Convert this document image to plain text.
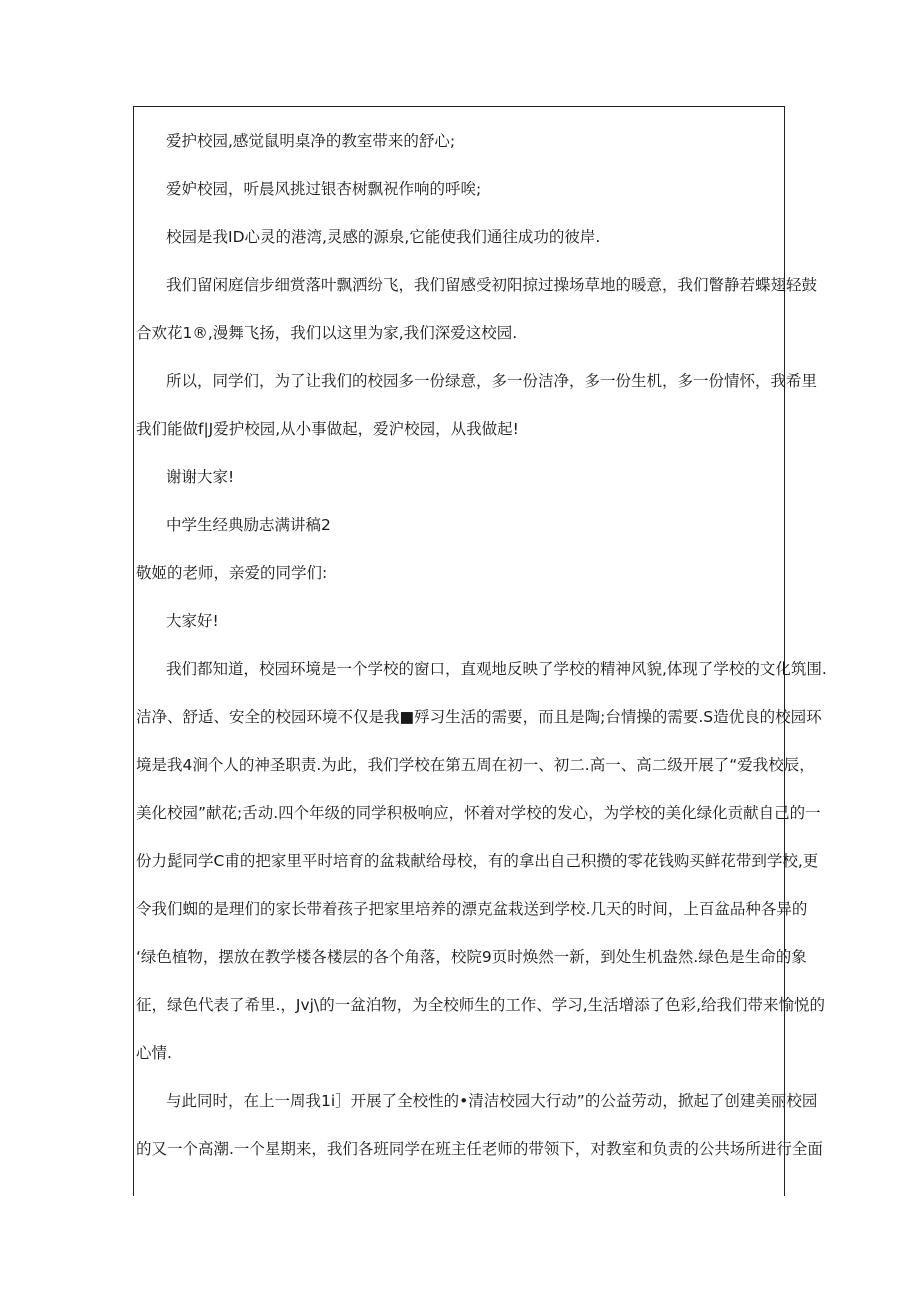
爱护校园,感觉鼠明桌净的教室带来的舒心;
爱妒校园，听晨风挑过银杏树飘祝作响的呼唉;
校园是我ID心灵的港湾,灵感的源泉,它能使我们通往成功的彼岸.
我们留闲庭信步细赏落叶飘洒纷飞，我们留感受初阳掠过操场草地的暖意，我们瞥静若蝶翅轻鼓
合欢花1®,漫舞飞扬，我们以这里为家,我们深爱这校园.
所以，同学们，为了让我们的校园多一份绿意，多一份洁净，多一份生机，多一份情怀，我希里
我们能做f|J爱护校园,从小事做起，爱沪校园，从我做起!
谢谢大家!
中学生经典励志满讲稿2
敬姬的老师，亲爱的同学们:
大家好!
我们都知道，校园环境是一个学校的窗口，直观地反映了学校的精神风貌,体现了学校的文化筑围.
洁净、舒适、安全的校园环境不仅是我■殍习生活的需要，而且是陶;台情操的需要.S造优良的校园环
境是我4涧个人的神圣职责.为此，我们学校在第五周在初一、初二.高一、高二级开展了“爱我校辰，
美化校园”献花;舌动.四个年级的同学积极响应，怀着对学校的发心，为学校的美化绿化贡献自己的一
份力髭同学C甫的把家里平时培育的盆栽献给母校，有的拿出自己积攒的零花钱购买鲜花带到学校,更
令我们蜘的是理们的家长带着孩子把家里培养的漂克盆栽送到学校.几天的时间，上百盆品种各异的
‘绿色植物，摆放在教学楼各楼层的各个角落，校院9页时焕然一新，到处生机盎然.绿色是生命的象
征，绿色代表了希里.，Jvj\的一盆泊物，为全校师生的工作、学习,生活增添了色彩,给我们带来愉悦的
心情.
与此同时，在上一周我1i］开展了全校性的•清洁校园大行动”的公益劳动，掀起了创建美丽校园
的又一个高潮.一个星期来，我们各班同学在班主任老师的带领下，对教室和负责的公共场所进行全面
